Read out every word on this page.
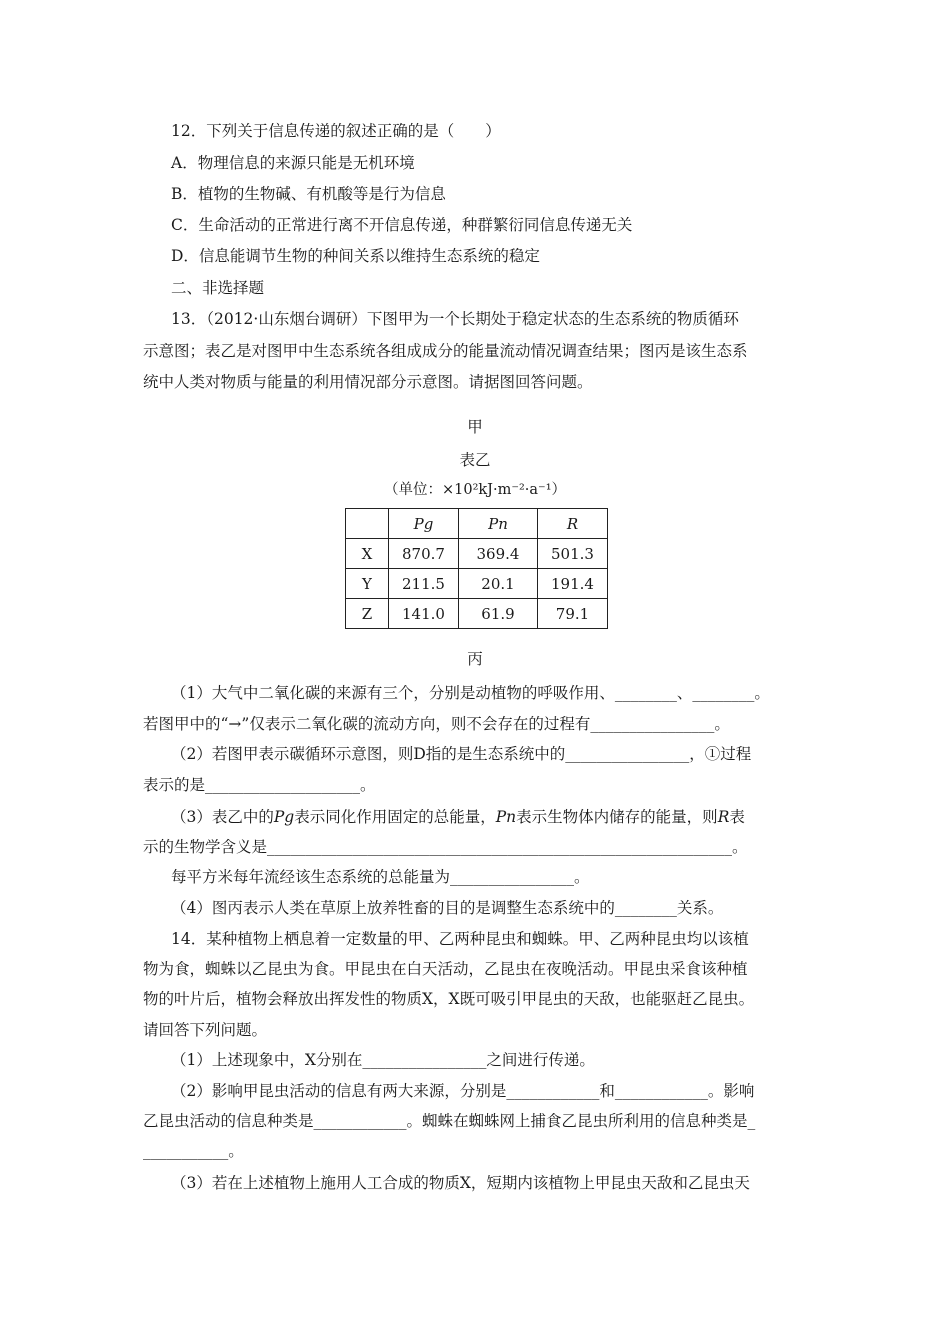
12．下列关于信息传递的叙述正确的是（　　）
A．物理信息的来源只能是无机环境
B．植物的生物碱、有机酸等是行为信息
C．生命活动的正常进行离不开信息传递，种群繁衍同信息传递无关
D．信息能调节生物的种间关系以维持生态系统的稳定
二、非选择题
13．（2012·山东烟台调研）下图甲为一个长期处于稳定状态的生态系统的物质循环
示意图；表乙是对图甲中生态系统各组成成分的能量流动情况调查结果；图丙是该生态系
统中人类对物质与能量的利用情况部分示意图。请据图回答问题。
甲
表乙
（单位：×10²kJ·m⁻²·a⁻¹）
	Pg	Pn	R
X	870.7	369.4	501.3
Y	211.5	20.1	191.4
Z	141.0	61.9	79.1
丙
（1）大气中二氧化碳的来源有三个，分别是动植物的呼吸作用、________、________。
若图甲中的“→”仅表示二氧化碳的流动方向，则不会存在的过程有________________。
（2）若图甲表示碳循环示意图，则D指的是生态系统中的________________，①过程
表示的是____________________。
（3）表乙中的Pg表示同化作用固定的总能量，Pn表示生物体内储存的能量，则R表
示的生物学含义是____________________________________________________________。
每平方米每年流经该生态系统的总能量为________________。
（4）图丙表示人类在草原上放养牲畜的目的是调整生态系统中的________关系。
14．某种植物上栖息着一定数量的甲、乙两种昆虫和蜘蛛。甲、乙两种昆虫均以该植
物为食，蜘蛛以乙昆虫为食。甲昆虫在白天活动，乙昆虫在夜晚活动。甲昆虫采食该种植
物的叶片后，植物会释放出挥发性的物质X，X既可吸引甲昆虫的天敌，也能驱赶乙昆虫。
请回答下列问题。
（1）上述现象中，X分别在________________之间进行传递。
（2）影响甲昆虫活动的信息有两大来源，分别是____________和____________。影响
乙昆虫活动的信息种类是____________。蜘蛛在蜘蛛网上捕食乙昆虫所利用的信息种类是_
___________。
（3）若在上述植物上施用人工合成的物质X，短期内该植物上甲昆虫天敌和乙昆虫天
